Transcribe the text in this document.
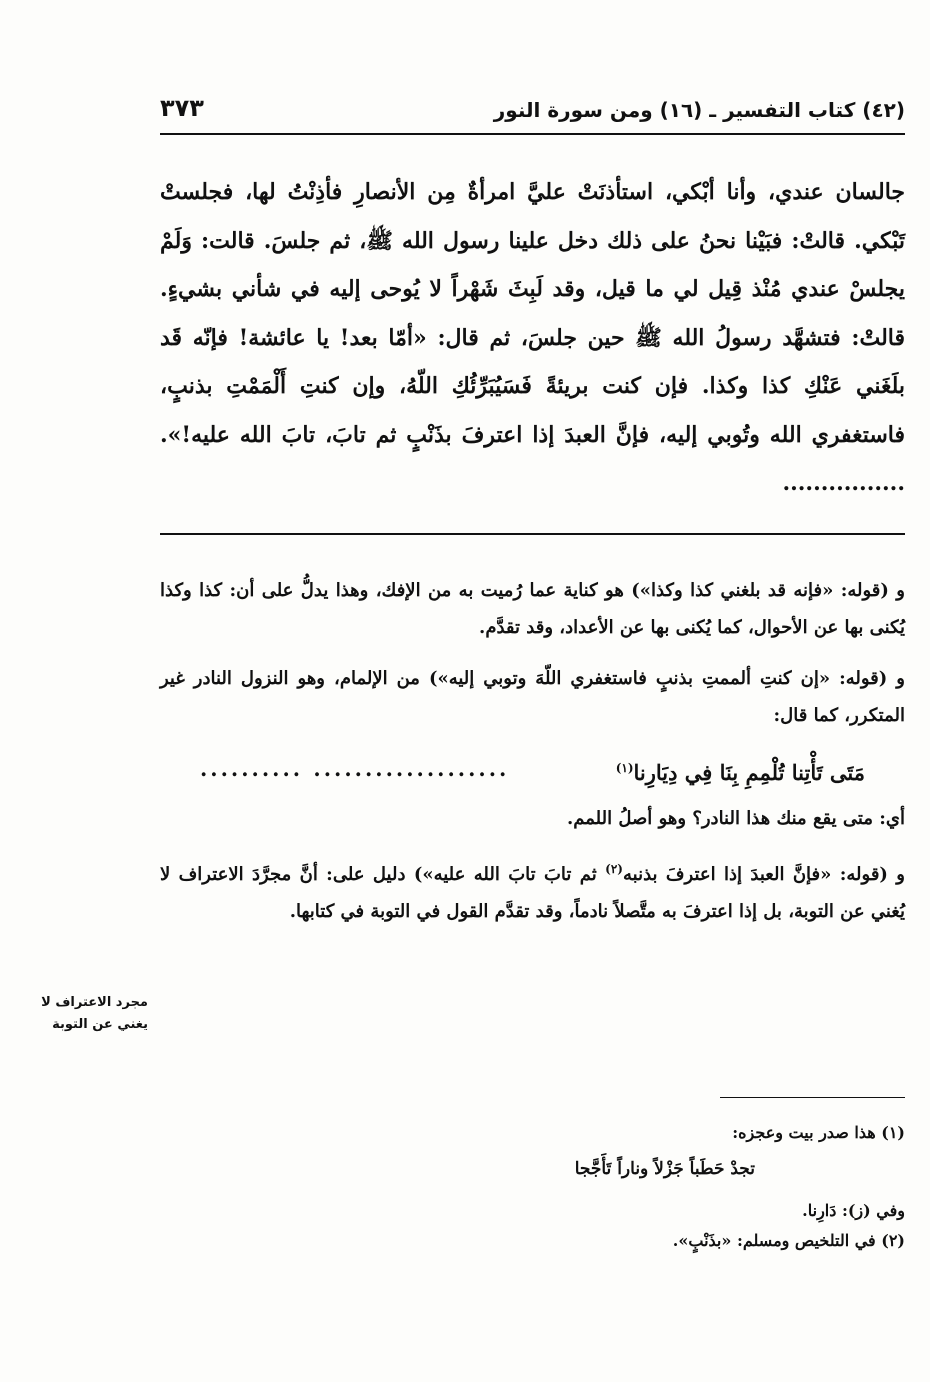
(٤٢) كتاب التفسير ـ (١٦) ومن سورة النور
٣٧٣

جالسان عندي، وأنا أبْكي، استأذنَتْ عليَّ امرأةٌ مِن الأنصارِ فأذِنْتُ لها، فجلستْ تَبْكي. قالتْ: فبَيْنا نحنُ على ذلك دخل علينا رسول الله ﷺ، ثم جلسَ. قالت: وَلَمْ يجلسْ عندي مُنْذ قِيل لي ما قيل، وقد لَبِثَ شَهْراً لا يُوحى إليه في شأني بشيءٍ. قالتْ: فتشهَّد رسولُ الله ﷺ حين جلسَ، ثم قال: «أمّا بعد! يا عائشة! فإنّه قَد بلَغَني عَنْكِ كذا وكذا. فإن كنت بريئةً فَسَيُبَرِّئُكِ اللّهُ، وإن كنتِ أَلْمَمْتِ بذنبٍ، فاستغفري الله وتُوبي إليه، فإنَّ العبدَ إذا اعترفَ بذَنْبٍ ثم تابَ، تابَ الله عليه!». ................

و (قوله: «فإنه قد بلغني كذا وكذا») هو كناية عما رُميت به من الإفك، وهذا يدلُّ على أن: كذا وكذا يُكنى بها عن الأحوال، كما يُكنى بها عن الأعداد، وقد تقدَّم.

و (قوله: «إن كنتِ ألممتِ بذنبٍ فاستغفري اللّهَ وتوبي إليه») من الإلمام، وهو النزول النادر غير المتكرر، كما قال:

مَتَى تَأْتِنا تُلْمِمِ بِنَا فِي دِيَارِنا$^{(١)}$
................... ..........

أي: متى يقع منك هذا النادر؟ وهو أصلُ اللمم.

و (قوله: «فإنَّ العبدَ إذا اعترفَ بذنبه$^{(٢)}$ ثم تابَ تابَ الله عليه») دليل على: أنَّ مجرَّدَ الاعتراف لا يُغني عن التوبة، بل إذا اعترفَ به متَّصلاً نادماً، وقد تقدَّم القول في التوبة في كتابها.

مجرد الاعتراف لا يغني عن التوبة

(١) هذا صدر بيت وعجزه:

تجدْ حَطَباً جَزْلاً وناراً تَأَجَّجا

وفي (ز): دَارِنا.

(٢) في التلخيص ومسلم: «بذَنْبٍ».
